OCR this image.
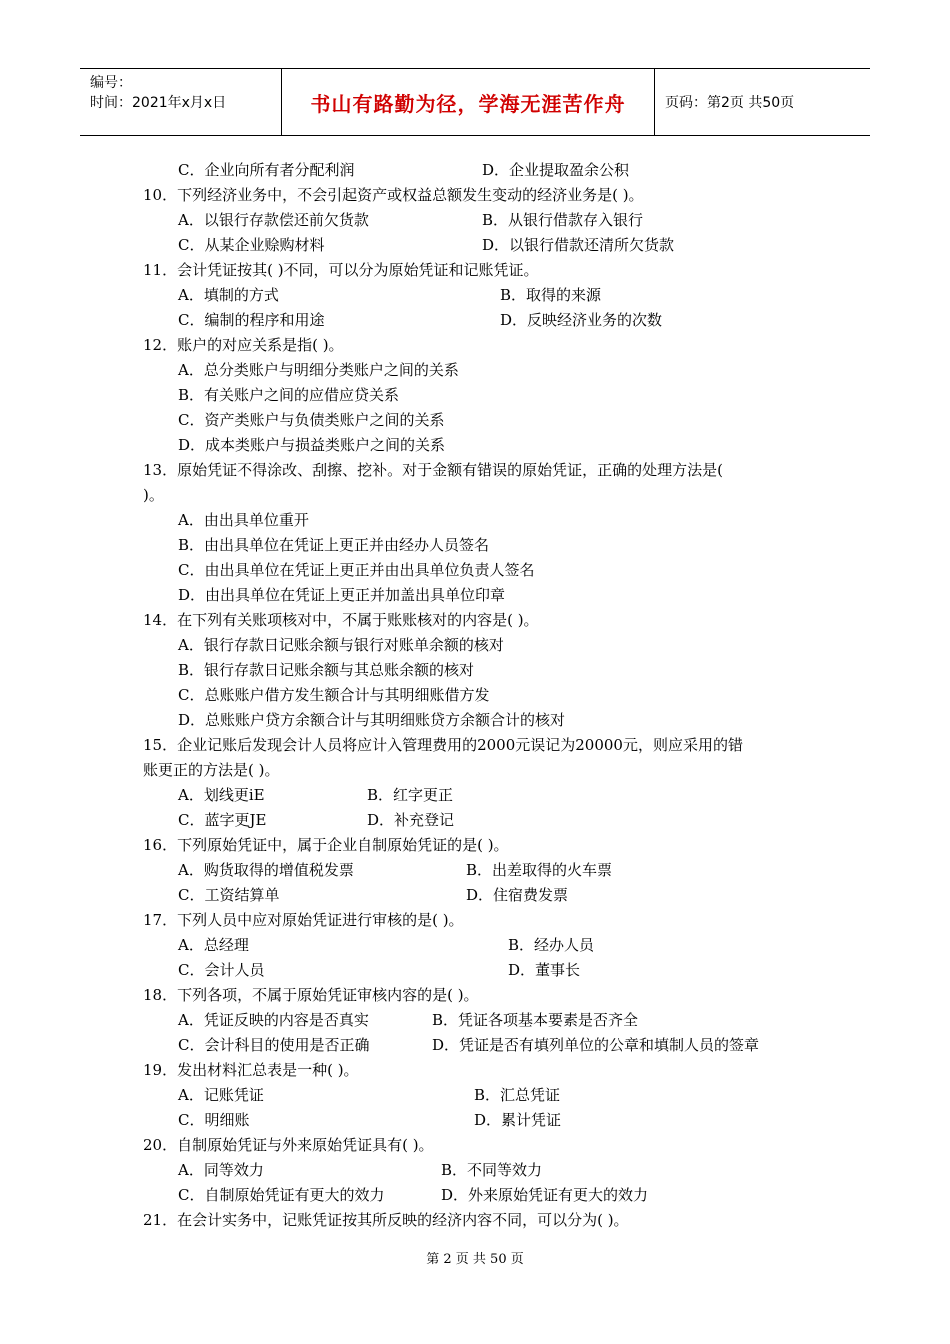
编号：
时间：2021年x月x日	书山有路勤为径，学海无涯苦作舟	页码：第2页 共50页
C．企业向所有者分配利润	D．企业提取盈余公积
10．下列经济业务中，不会引起资产或权益总额发生变动的经济业务是( )。
A．以银行存款偿还前欠货款	B．从银行借款存入银行
C．从某企业赊购材料	D．以银行借款还清所欠货款
11．会计凭证按其( )不同，可以分为原始凭证和记账凭证。
A．填制的方式	B．取得的来源
C．编制的程序和用途	D．反映经济业务的次数
12．账户的对应关系是指( )。
A．总分类账户与明细分类账户之间的关系
B．有关账户之间的应借应贷关系
C．资产类账户与负债类账户之间的关系
D．成本类账户与损益类账户之间的关系
13．原始凭证不得涂改、刮擦、挖补。对于金额有错误的原始凭证，正确的处理方法是(
)。
A．由出具单位重开
B．由出具单位在凭证上更正并由经办人员签名
C．由出具单位在凭证上更正并由出具单位负责人签名
D．由出具单位在凭证上更正并加盖出具单位印章
14．在下列有关账项核对中，不属于账账核对的内容是( )。
A．银行存款日记账余额与银行对账单余额的核对
B．银行存款日记账余额与其总账余额的核对
C．总账账户借方发生额合计与其明细账借方发
D．总账账户贷方余额合计与其明细账贷方余额合计的核对
15．企业记账后发现会计人员将应计入管理费用的2000元误记为20000元，则应采用的错
账更正的方法是( )。
A．划线更iE	B．红字更正
C．蓝字更JE	D．补充登记
16．下列原始凭证中，属于企业自制原始凭证的是( )。
A．购货取得的增值税发票	B．出差取得的火车票
C．工资结算单	D．住宿费发票
17．下列人员中应对原始凭证进行审核的是( )。
A．总经理	B．经办人员
C．会计人员	D．董事长
18．下列各项，不属于原始凭证审核内容的是( )。
A．凭证反映的内容是否真实	B．凭证各项基本要素是否齐全
C．会计科目的使用是否正确	D．凭证是否有填列单位的公章和填制人员的签章
19．发出材料汇总表是一种( )。
A．记账凭证	B．汇总凭证
C．明细账	D．累计凭证
20．自制原始凭证与外来原始凭证具有( )。
A．同等效力	B．不同等效力
C．自制原始凭证有更大的效力	D．外来原始凭证有更大的效力
21．在会计实务中，记账凭证按其所反映的经济内容不同，可以分为( )。
第 2 页 共 50 页
